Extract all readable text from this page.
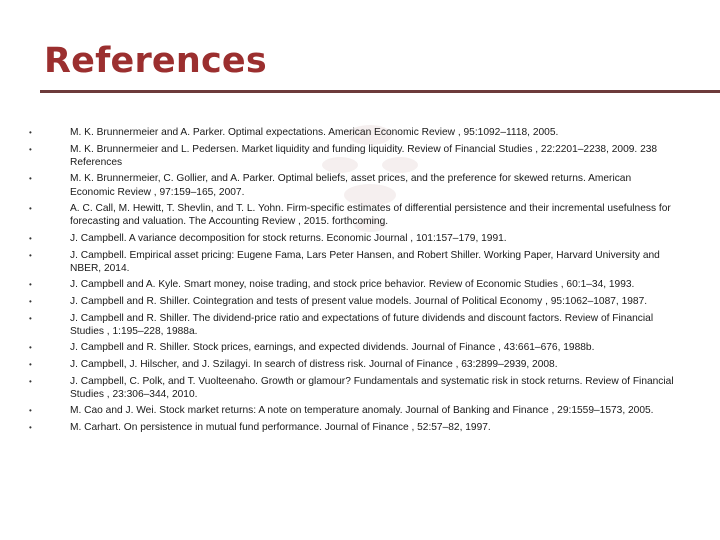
References
•	M. K. Brunnermeier and A. Parker. Optimal expectations. American Economic Review , 95:1092–1118, 2005.
•	M. K. Brunnermeier and L. Pedersen. Market liquidity and funding liquidity. Review of Financial Studies , 22:2201–2238, 2009. 238 References
•	M. K. Brunnermeier, C. Gollier, and A. Parker. Optimal beliefs, asset prices, and the preference for skewed returns. American Economic Review , 97:159–165, 2007.
•	A. C. Call, M. Hewitt, T. Shevlin, and T. L. Yohn. Firm-specific estimates of differential persistence and their incremental usefulness for forecasting and valuation. The Accounting Review , 2015. forthcoming.
•	J. Campbell. A variance decomposition for stock returns. Economic Journal , 101:157–179, 1991.
•	J. Campbell. Empirical asset pricing: Eugene Fama, Lars Peter Hansen, and Robert Shiller. Working Paper, Harvard University and NBER, 2014.
•	J. Campbell and A. Kyle. Smart money, noise trading, and stock price behavior. Review of Economic Studies , 60:1–34, 1993.
•	J. Campbell and R. Shiller. Cointegration and tests of present value models. Journal of Political Economy , 95:1062–1087, 1987.
•	J. Campbell and R. Shiller. The dividend-price ratio and expectations of future dividends and discount factors. Review of Financial Studies , 1:195–228, 1988a.
•	J. Campbell and R. Shiller. Stock prices, earnings, and expected dividends. Journal of Finance , 43:661–676, 1988b.
•	J. Campbell, J. Hilscher, and J. Szilagyi. In search of distress risk. Journal of Finance , 63:2899–2939, 2008.
•	J. Campbell, C. Polk, and T. Vuolteenaho. Growth or glamour? Fundamentals and systematic risk in stock returns. Review of Financial Studies , 23:306–344, 2010.
•	M. Cao and J. Wei. Stock market returns: A note on temperature anomaly. Journal of Banking and Finance , 29:1559–1573, 2005.
•	M. Carhart. On persistence in mutual fund performance. Journal of Finance , 52:57–82, 1997.
